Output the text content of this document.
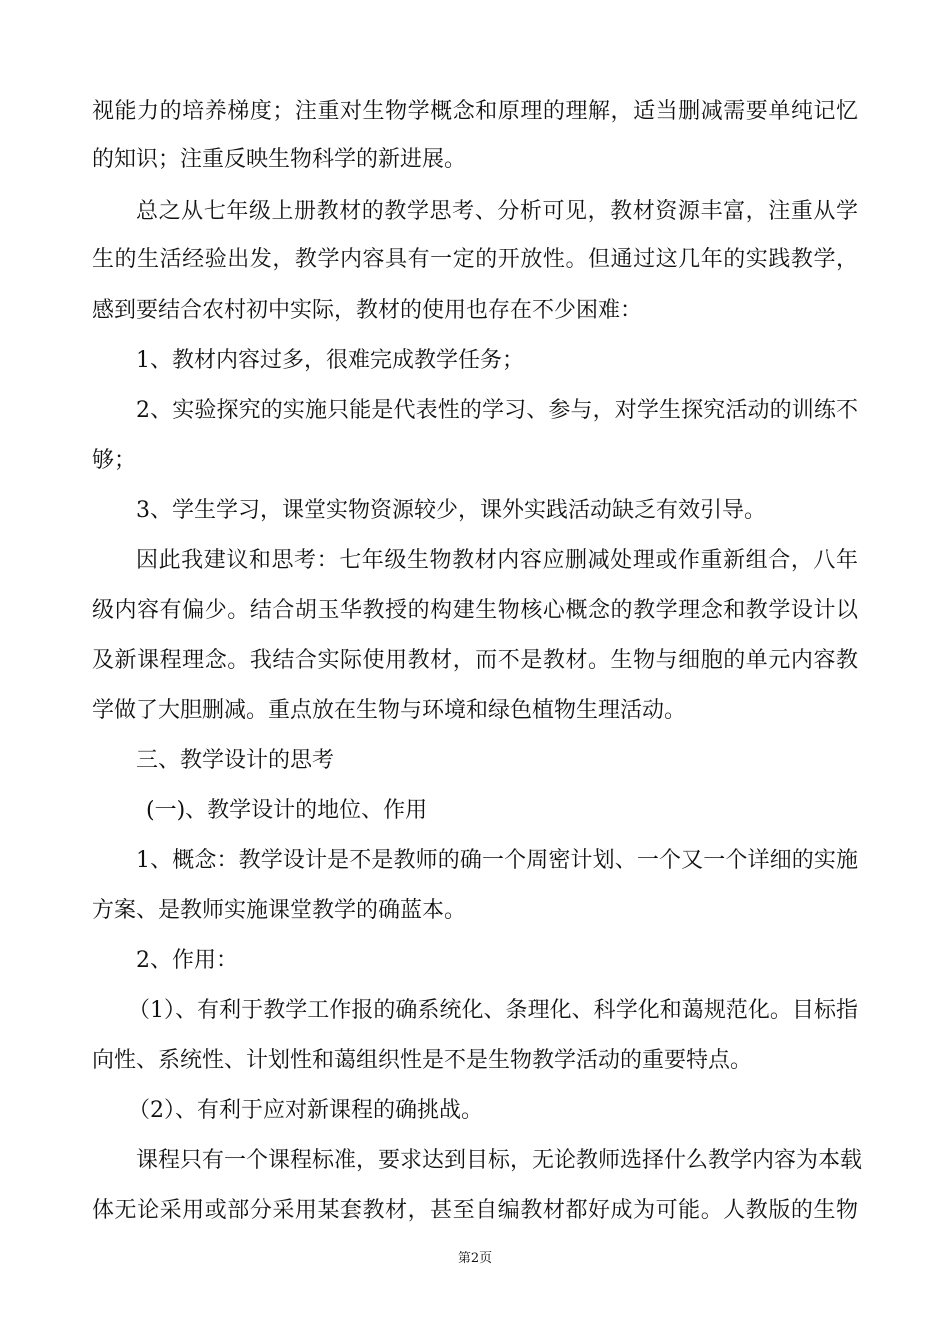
视能力的培养梯度；注重对生物学概念和原理的理解，适当删减需要单纯记忆
的知识；注重反映生物科学的新进展。
总之从七年级上册教材的教学思考、分析可见，教材资源丰富，注重从学
生的生活经验出发，教学内容具有一定的开放性。但通过这几年的实践教学，
感到要结合农村初中实际，教材的使用也存在不少困难：
1、教材内容过多，很难完成教学任务；
2、实验探究的实施只能是代表性的学习、参与，对学生探究活动的训练不
够；
3、学生学习，课堂实物资源较少，课外实践活动缺乏有效引导。
因此我建议和思考：七年级生物教材内容应删减处理或作重新组合，八年
级内容有偏少。结合胡玉华教授的构建生物核心概念的教学理念和教学设计以
及新课程理念。我结合实际使用教材，而不是教材。生物与细胞的单元内容教
学做了大胆删减。重点放在生物与环境和绿色植物生理活动。
三、教学设计的思考
(一)、教学设计的地位、作用
1、概念：教学设计是不是教师的确一个周密计划、一个又一个详细的实施
方案、是教师实施课堂教学的确蓝本。
2、作用：
（1）、有利于教学工作报的确系统化、条理化、科学化和蔼规范化。目标指
向性、系统性、计划性和蔼组织性是不是生物教学活动的重要特点。
（2）、有利于应对新课程的确挑战。
课程只有一个课程标准，要求达到目标，无论教师选择什么教学内容为本载
体无论采用或部分采用某套教材，甚至自编教材都好成为可能。人教版的生物
第2页
